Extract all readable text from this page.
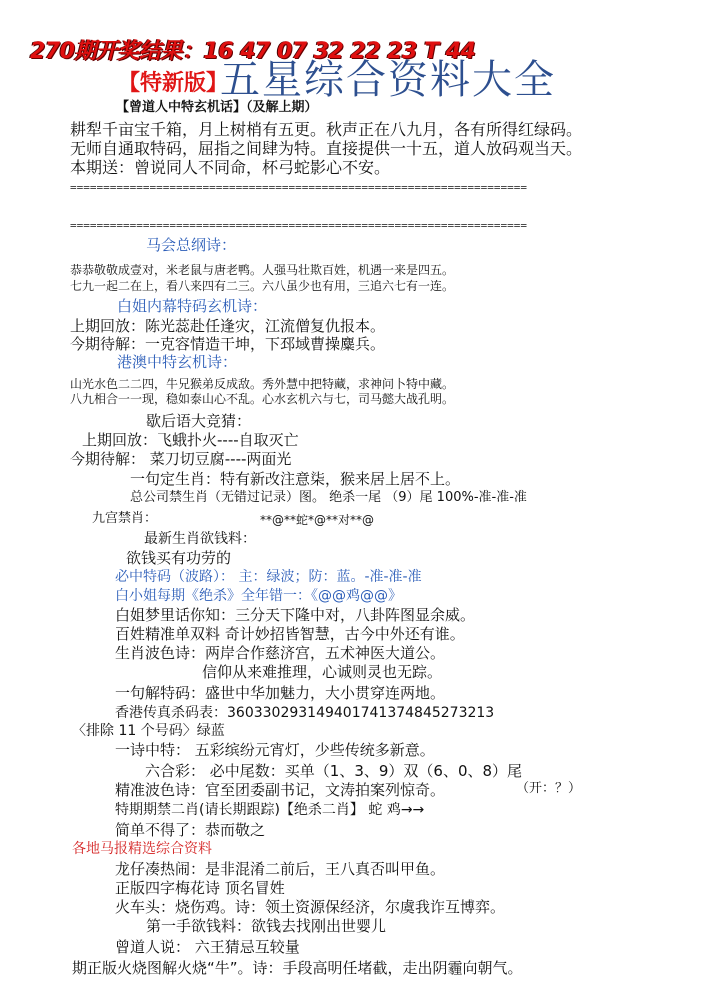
270期开奖结果：16 47 07 32 22 23 T 44
【特新版】
五星综合资料大全
【曾道人中特玄机话】（及解上期）
耕犁千亩宝千箱，月上树梢有五更。秋声正在八九月，各有所得红绿码。
无师自通取特码，屈指之间肆为特。直接提供一十五，道人放码观当天。
本期送：曾说同人不同命，杯弓蛇影心不安。
=====================================================================
=====================================================================
马会总纲诗：
恭恭敬敬成壹对，米老鼠与唐老鸭。人强马壮欺百姓，机遇一来是四五。
七九一起二在上，看八来四有二三。六八虽少也有用，三追六七有一连。
白姐内幕特码玄机诗：
上期回放：陈光蕊赴任逢灾，江流僧复仇报本。
今期待解：一克容情造干坤，下邳域曹操麋兵。
港澳中特玄机诗：
山光水色二二四，牛兄猴弟反成敌。秀外慧中把特藏，求神问卜特中藏。
八九相合一一现，稳如泰山心不乱。心水玄机六与七，司马懿大战孔明。
歇后语大竞猜：
上期回放：飞蛾扑火----自取灭亡
今期待解： 菜刀切豆腐----两面光
一句定生肖：特有新改注意柒，猴来居上居不上。
总公司禁生肖（无错过记录）图。 绝杀一尾 （9）尾 100%-准-准-准
九宫禁肖：	**@**蛇*@**对**@
最新生肖欲钱料：
欲钱买有功劳的
必中特码（波路）： 主：绿波；防：蓝。-准-准-准
白小姐每期《绝杀》全年错一：《@@鸡@@》
白姐梦里话你知：三分天下隆中对，八卦阵图显余威。
百姓精准单双料 奇计妙招皆智慧，古今中外还有谁。
生肖波色诗：两岸合作慈济宫，五术神医大道公。
信仰从来难推理，心诚则灵也无踪。
一句解特码：盛世中华加魅力，大小贯穿连两地。
香港传真杀码表：360330293149401741374845273213
〈排除 11 个号码〉绿蓝
一诗中特： 五彩缤纷元宵灯，少些传统多新意。
六合彩： 必中尾数：买单（1、3、9）双（6、0、8）尾
精准波色诗：官至团委副书记，文涛拍案列惊奇。	（开：？）
特期期禁二肖(请长期跟踪)【绝杀二肖】 蛇 鸡→→
简单不得了：恭而敬之
各地马报精选综合资料
龙仔凑热闹：是非混淆二前后，王八真否叫甲鱼。
正版四字梅花诗 顶名冒姓
火车头：烧伤鸡。诗：领土资源保经济，尔虞我诈互博弈。
第一手欲钱料：欲钱去找刚出世婴儿
曾道人说： 六王猜忌互较量
期正版火烧图解火烧“牛”。诗：手段高明任堵截，走出阴霾向朝气。
